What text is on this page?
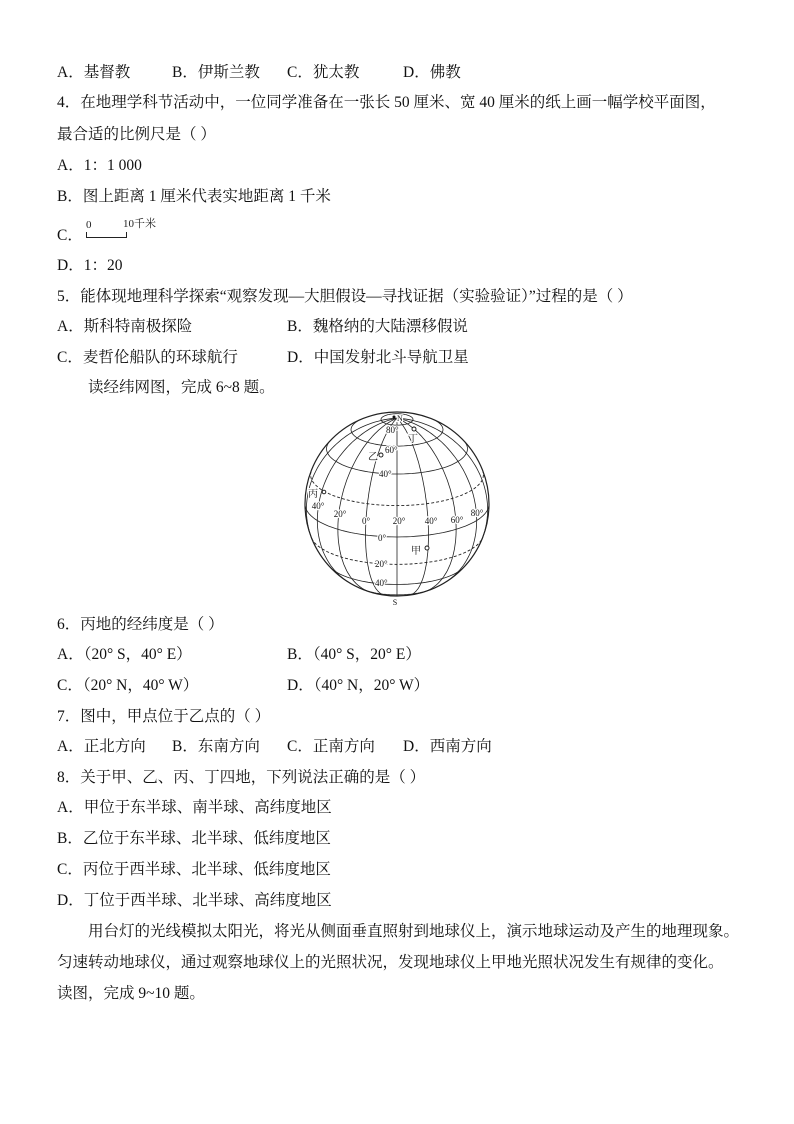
A．基督教	B．伊斯兰教 C．犹太教	D．佛教
4．在地理学科节活动中，一位同学准备在一张长 50 厘米、宽 40 厘米的纸上画一幅学校平面图，
最合适的比例尺是（ ）
A．1：1 000
B．图上距离 1 厘米代表实地距离 1 千米
C．
0	10千米
D．1：20
5．能体现地理科学探索“观察发现—大胆假设—寻找证据（实验验证）”过程的是（ ）
A．斯科特南极探险	B．魏格纳的大陆漂移假说
C．麦哲伦船队的环球航行	D．中国发射北斗导航卫星
读经纬网图，完成 6~8 题。
N
80°
丁
60°
乙
40°
丙
40°
20°
0°	20° 40° 60°
80°
0°
甲
20°
40°
S
6．丙地的经纬度是（ ）
A．（20° S，40° E）	B．（40° S，20° E）
C．（20° N，40° W）	D．（40° N，20° W）
7．图中，甲点位于乙点的（ ）
A．正北方向 B．东南方向 C．正南方向 D．西南方向
8．关于甲、乙、丙、丁四地，下列说法正确的是（ ）
A．甲位于东半球、南半球、高纬度地区
B．乙位于东半球、北半球、低纬度地区
C．丙位于西半球、北半球、低纬度地区
D．丁位于西半球、北半球、高纬度地区
用台灯的光线模拟太阳光，将光从侧面垂直照射到地球仪上，演示地球运动及产生的地理现象。
匀速转动地球仪，通过观察地球仪上的光照状况，发现地球仪上甲地光照状况发生有规律的变化。
读图，完成 9~10 题。
